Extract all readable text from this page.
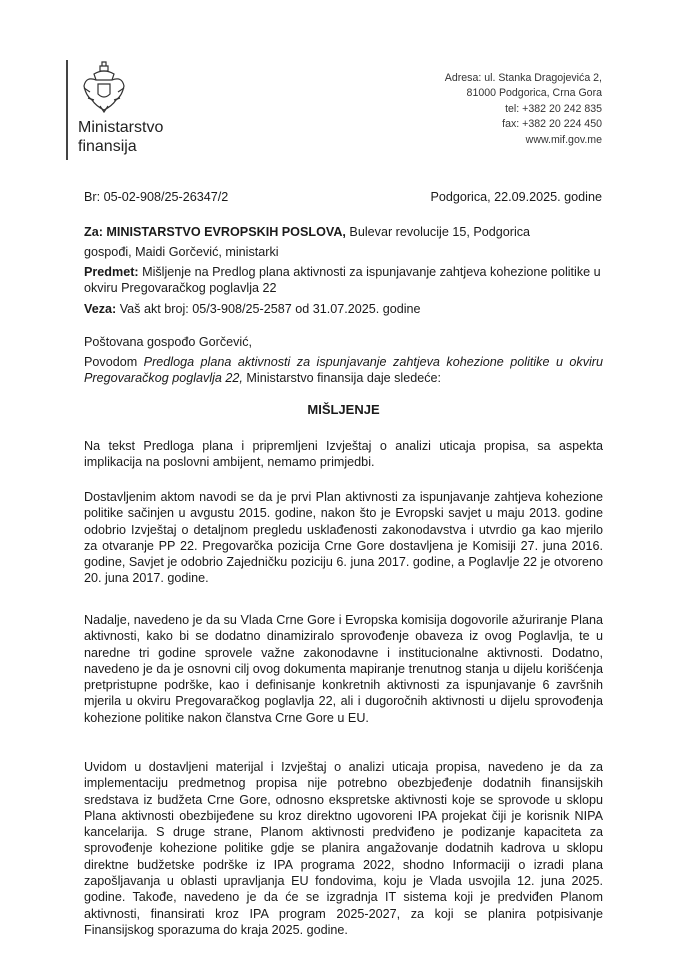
Ministarstvo
finansija
Adresa: ul. Stanka Dragojevića 2,
81000 Podgorica, Crna Gora
tel: +382 20 242 835
fax: +382 20 224 450
www.mif.gov.me
Br: 05-02-908/25-26347/2	Podgorica, 22.09.2025. godine
Za: MINISTARSTVO EVROPSKIH POSLOVA, Bulevar revolucije 15, Podgorica
gospođi, Maidi Gorčević, ministarki
Predmet: Mišljenje na Predlog plana aktivnosti za ispunjavanje zahtjeva kohezione politike u okviru Pregovaračkog poglavlja 22
Veza: Vaš akt broj: 05/3-908/25-2587 od 31.07.2025. godine
Poštovana gospođo Gorčević,
Povodom Predloga plana aktivnosti za ispunjavanje zahtjeva kohezione politike u okviru Pregovaračkog poglavlja 22, Ministarstvo finansija daje sledeće:
MIŠLJENJE
Na tekst Predloga plana i pripremljeni Izvještaj o analizi uticaja propisa, sa aspekta implikacija na poslovni ambijent, nemamo primjedbi.
Dostavljenim aktom navodi se da je prvi Plan aktivnosti za ispunjavanje zahtjeva kohezione politike sačinjen u avgustu 2015. godine, nakon što je Evropski savjet u maju 2013. godine odobrio Izvještaj o detaljnom pregledu usklađenosti zakonodavstva i utvrdio ga kao mjerilo za otvaranje PP 22. Pregovarčka pozicija Crne Gore dostavljena je Komisiji 27. juna 2016. godine, Savjet je odobrio Zajedničku poziciju 6. juna 2017. godine, a Poglavlje 22 je otvoreno 20. juna 2017. godine.
Nadalje, navedeno je da su Vlada Crne Gore i Evropska komisija dogovorile ažuriranje Plana aktivnosti, kako bi se dodatno dinamiziralo sprovođenje obaveza iz ovog Poglavlja, te u naredne tri godine sprovele važne zakonodavne i institucionalne aktivnosti. Dodatno, navedeno je da je osnovni cilj ovog dokumenta mapiranje trenutnog stanja u dijelu korišćenja pretpristupne podrške, kao i definisanje konkretnih aktivnosti za ispunjavanje 6 završnih mjerila u okviru Pregovaračkog poglavlja 22, ali i dugoročnih aktivnosti u dijelu sprovođenja kohezione politike nakon članstva Crne Gore u EU.
Uvidom u dostavljeni materijal i Izvještaj o analizi uticaja propisa, navedeno je da za implementaciju predmetnog propisa nije potrebno obezbjeđenje dodatnih finansijskih sredstava iz budžeta Crne Gore, odnosno ekspretske aktivnosti koje se sprovode u sklopu Plana aktivnosti obezbijeđene su kroz direktno ugovoreni IPA projekat čiji je korisnik NIPA kancelarija. S druge strane, Planom aktivnosti predviđeno je podizanje kapaciteta za sprovođenje kohezione politike gdje se planira angažovanje dodatnih kadrova u sklopu direktne budžetske podrške iz IPA programa 2022, shodno Informaciji o izradi plana zapošljavanja u oblasti upravljanja EU fondovima, koju je Vlada usvojila 12. juna 2025. godine. Takođe, navedeno je da će se izgradnja IT sistema koji je predviđen Planom aktivnosti, finansirati kroz IPA program 2025-2027, za koji se planira potpisivanje Finansijskog sporazuma do kraja 2025. godine.
